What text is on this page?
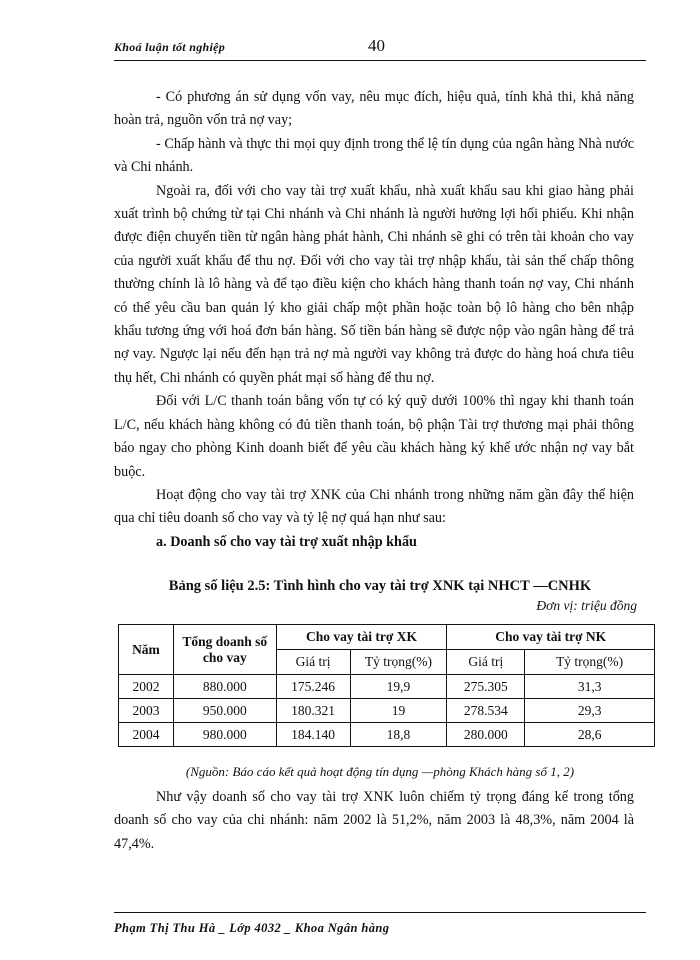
Khoá luận tốt nghiệp	40

- Có phương án sử dụng vốn vay, nêu mục đích, hiệu quả, tính khả thi, khả năng hoàn trả, nguồn vốn trả nợ vay;

- Chấp hành và thực thi mọi quy định trong thể lệ tín dụng của ngân hàng Nhà nước và Chi nhánh.

Ngoài ra, đối với cho vay tài trợ xuất khẩu, nhà xuất khẩu sau khi giao hàng phải xuất trình bộ chứng từ tại Chi nhánh và Chi nhánh là người hưởng lợi hối phiếu. Khi nhận được điện chuyển tiền từ ngân hàng phát hành, Chi nhánh sẽ ghi có trên tài khoản cho vay của người xuất khẩu để thu nợ. Đối với cho vay tài trợ nhập khẩu, tài sản thế chấp thông thường chính là lô hàng và để tạo điều kiện cho khách hàng thanh toán nợ vay, Chi nhánh có thể yêu cầu ban quản lý kho giải chấp một phần hoặc toàn bộ lô hàng cho bên nhập khẩu tương ứng với hoá đơn bán hàng. Số tiền bán hàng sẽ được nộp vào ngân hàng để trả nợ vay. Ngược lại nếu đến hạn trả nợ mà người vay không trả được do hàng hoá chưa tiêu thụ hết, Chi nhánh có quyền phát mại số hàng để thu nợ.

Đối với L/C thanh toán bằng vốn tự có ký quỹ dưới 100% thì ngay khi thanh toán L/C, nếu khách hàng không có đủ tiền thanh toán, bộ phận Tài trợ thương mại phải thông báo ngay cho phòng Kinh doanh biết để yêu cầu khách hàng ký khế ước nhận nợ vay bắt buộc.

Hoạt động cho vay tài trợ XNK của Chi nhánh trong những năm gần đây thể hiện qua chỉ tiêu doanh số cho vay và tỷ lệ nợ quá hạn như sau:

a. Doanh số cho vay tài trợ xuất nhập khẩu

Bảng số liệu 2.5: Tình hình cho vay tài trợ XNK tại NHCT —CNHK
Đơn vị: triệu đồng
Năm	Tổng doanh số cho vay	Cho vay tài trợ XK		Cho vay tài trợ NK	
		Giá trị	Tỷ trọng(%)	Giá trị	Tỷ trọng(%)
2002	880.000	175.246	19,9	275.305	31,3
2003	950.000	180.321	19	278.534	29,3
2004	980.000	184.140	18,8	280.000	28,6
(Nguồn: Báo cáo kết quả hoạt động tín dụng —phòng Khách hàng số 1, 2)

Như vậy doanh số cho vay tài trợ XNK luôn chiếm tỷ trọng đáng kể trong tổng doanh số cho vay của chi nhánh: năm 2002 là 51,2%, năm 2003 là 48,3%, năm 2004 là 47,4%.

Phạm Thị Thu Hà _ Lớp 4032 _ Khoa Ngân hàng
